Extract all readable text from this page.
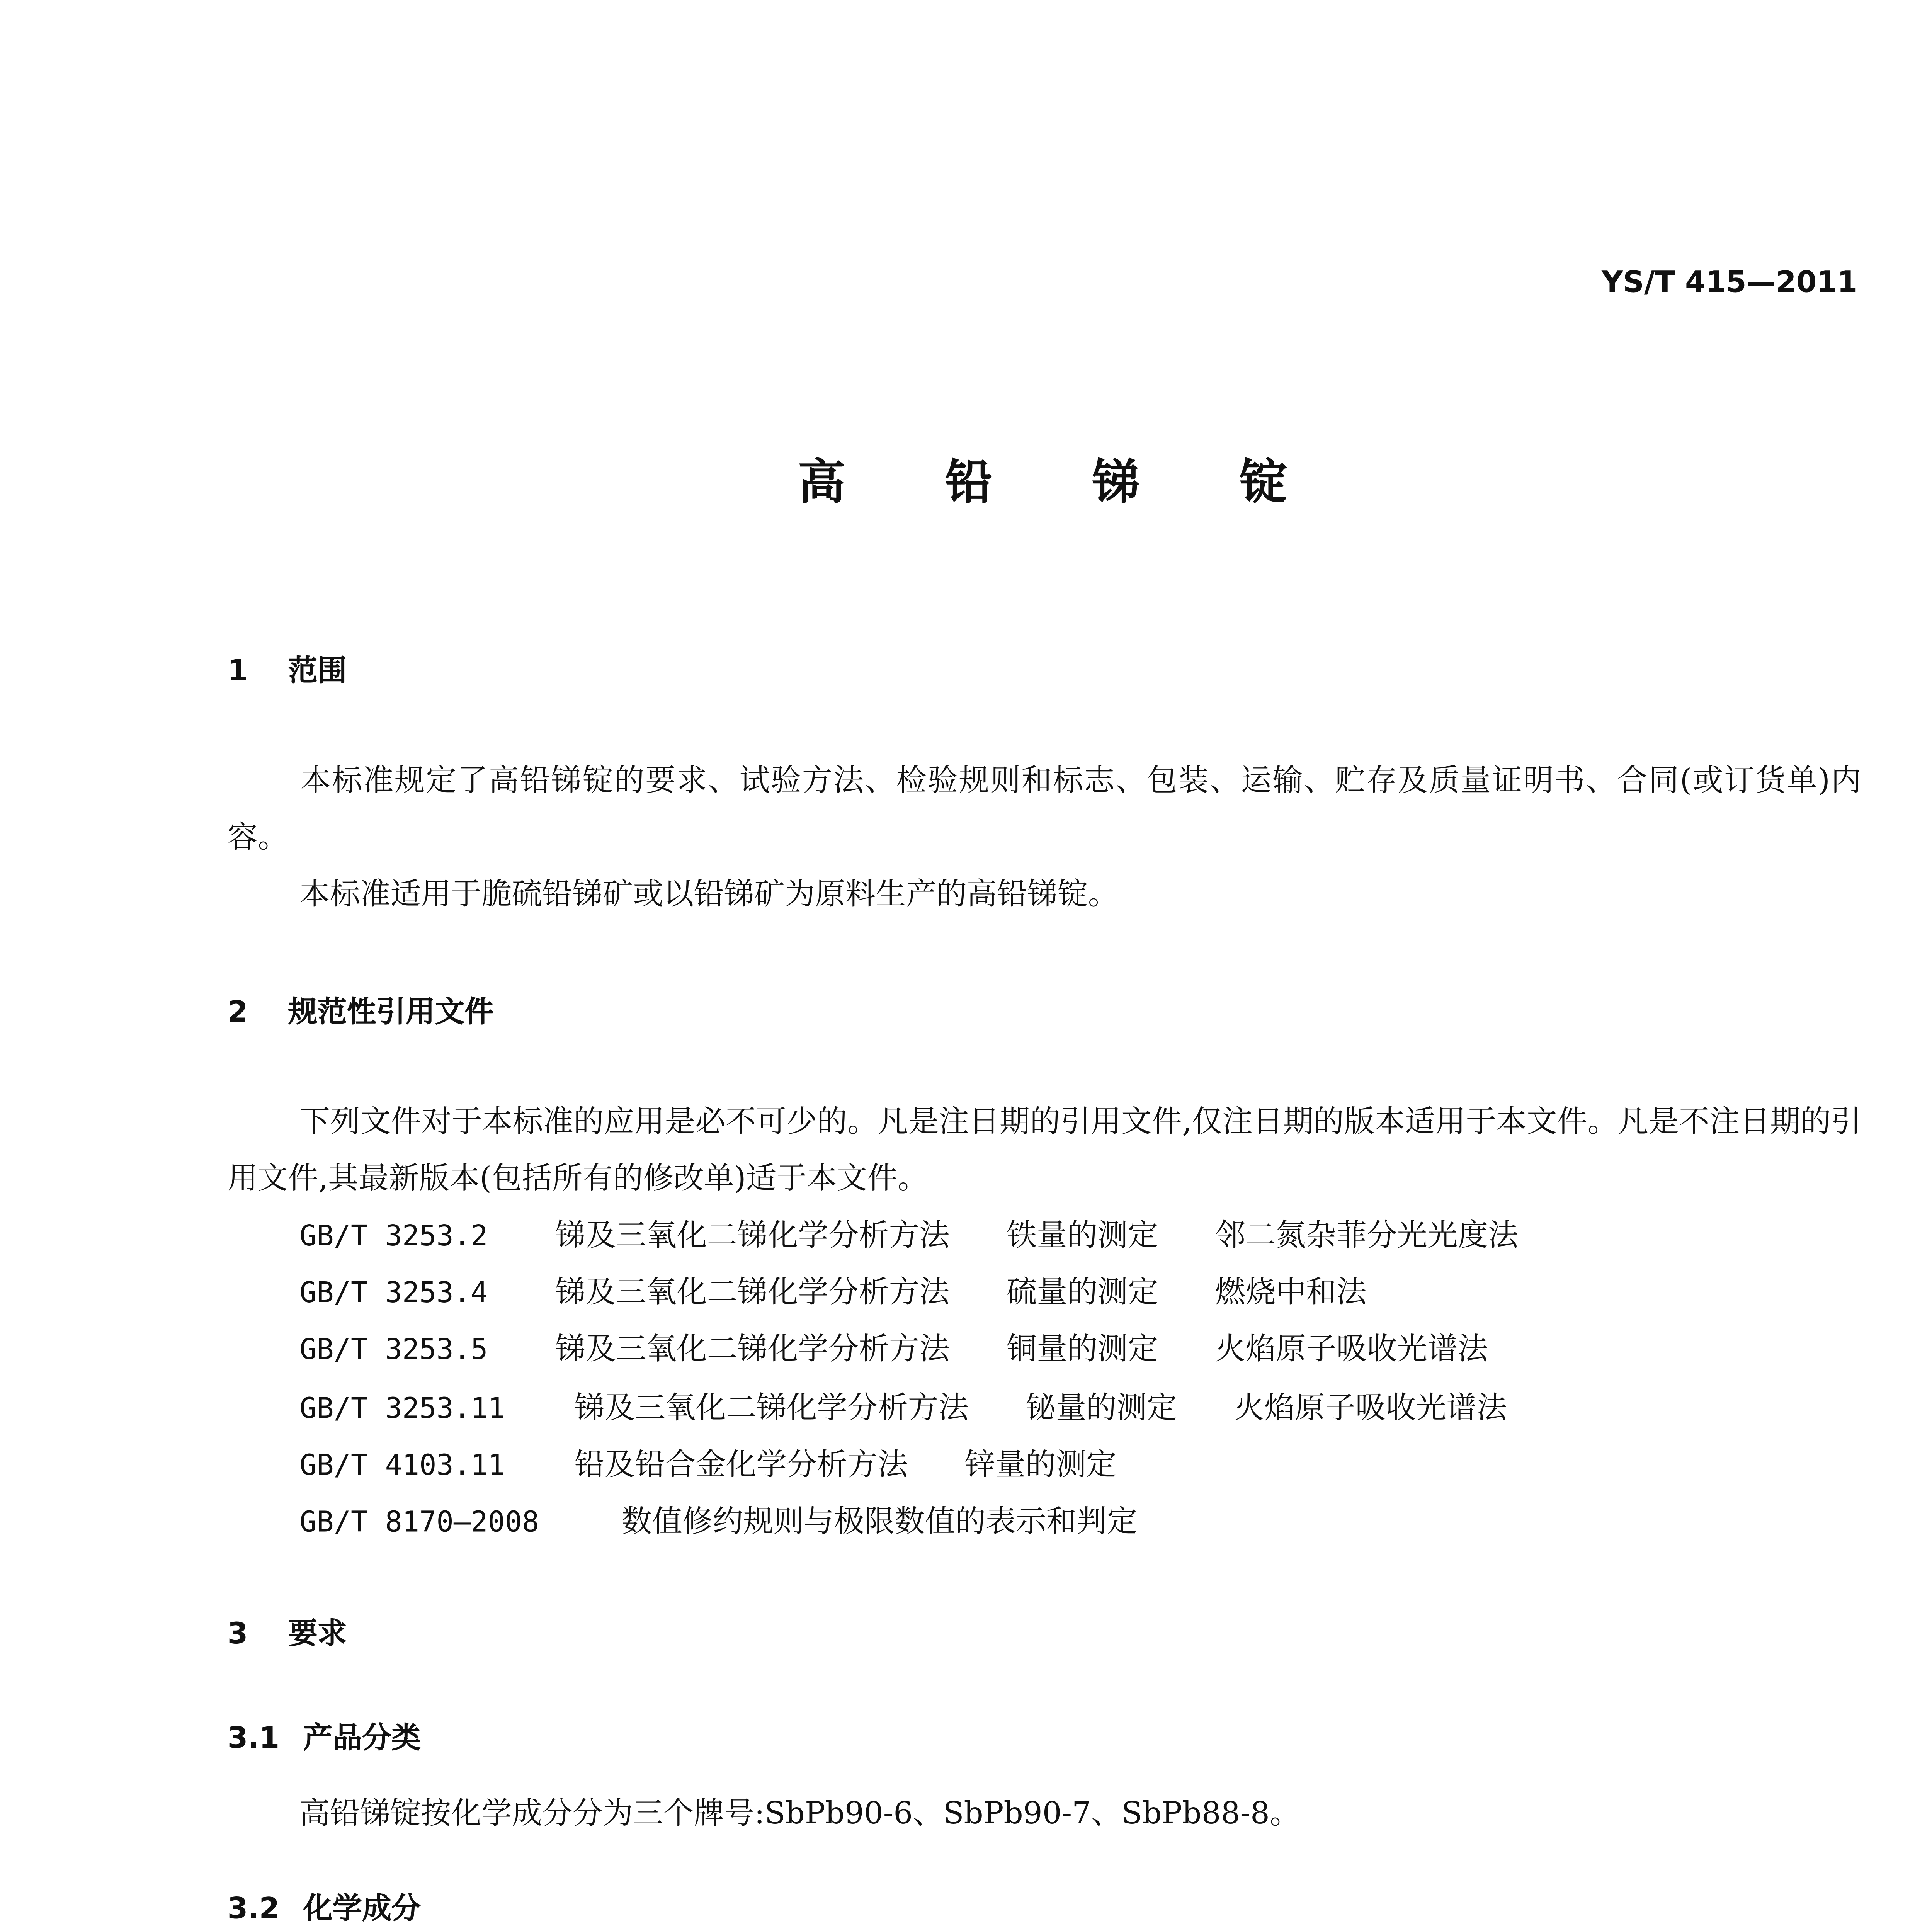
YS/T 415—2011
高 铅 锑 锭
1	范围
本标准规定了高铅锑锭的要求、试验方法、检验规则和标志、包装、运输、贮存及质量证明书、合同(或订货单)内容。
本标准适用于脆硫铅锑矿或以铅锑矿为原料生产的高铅锑锭。
2	规范性引用文件
下列文件对于本标准的应用是必不可少的。凡是注日期的引用文件,仅注日期的版本适用于本文件。凡是不注日期的引用文件,其最新版本(包括所有的修改单)适于本文件。
GB/T 3253.2	锑及三氧化二锑化学分析方法	铁量的测定	邻二氮杂菲分光光度法
GB/T 3253.4	锑及三氧化二锑化学分析方法	硫量的测定	燃烧中和法
GB/T 3253.5	锑及三氧化二锑化学分析方法	铜量的测定	火焰原子吸收光谱法
GB/T 3253.11	锑及三氧化二锑化学分析方法	铋量的测定	火焰原子吸收光谱法
GB/T 4103.11	铅及铅合金化学分析方法	锌量的测定
GB/T 8170—2008	数值修约规则与极限数值的表示和判定
3	要求
3.1	产品分类
高铅锑锭按化学成分分为三个牌号:SbPb90-6、SbPb90-7、SbPb88-8。
3.2	化学成分
